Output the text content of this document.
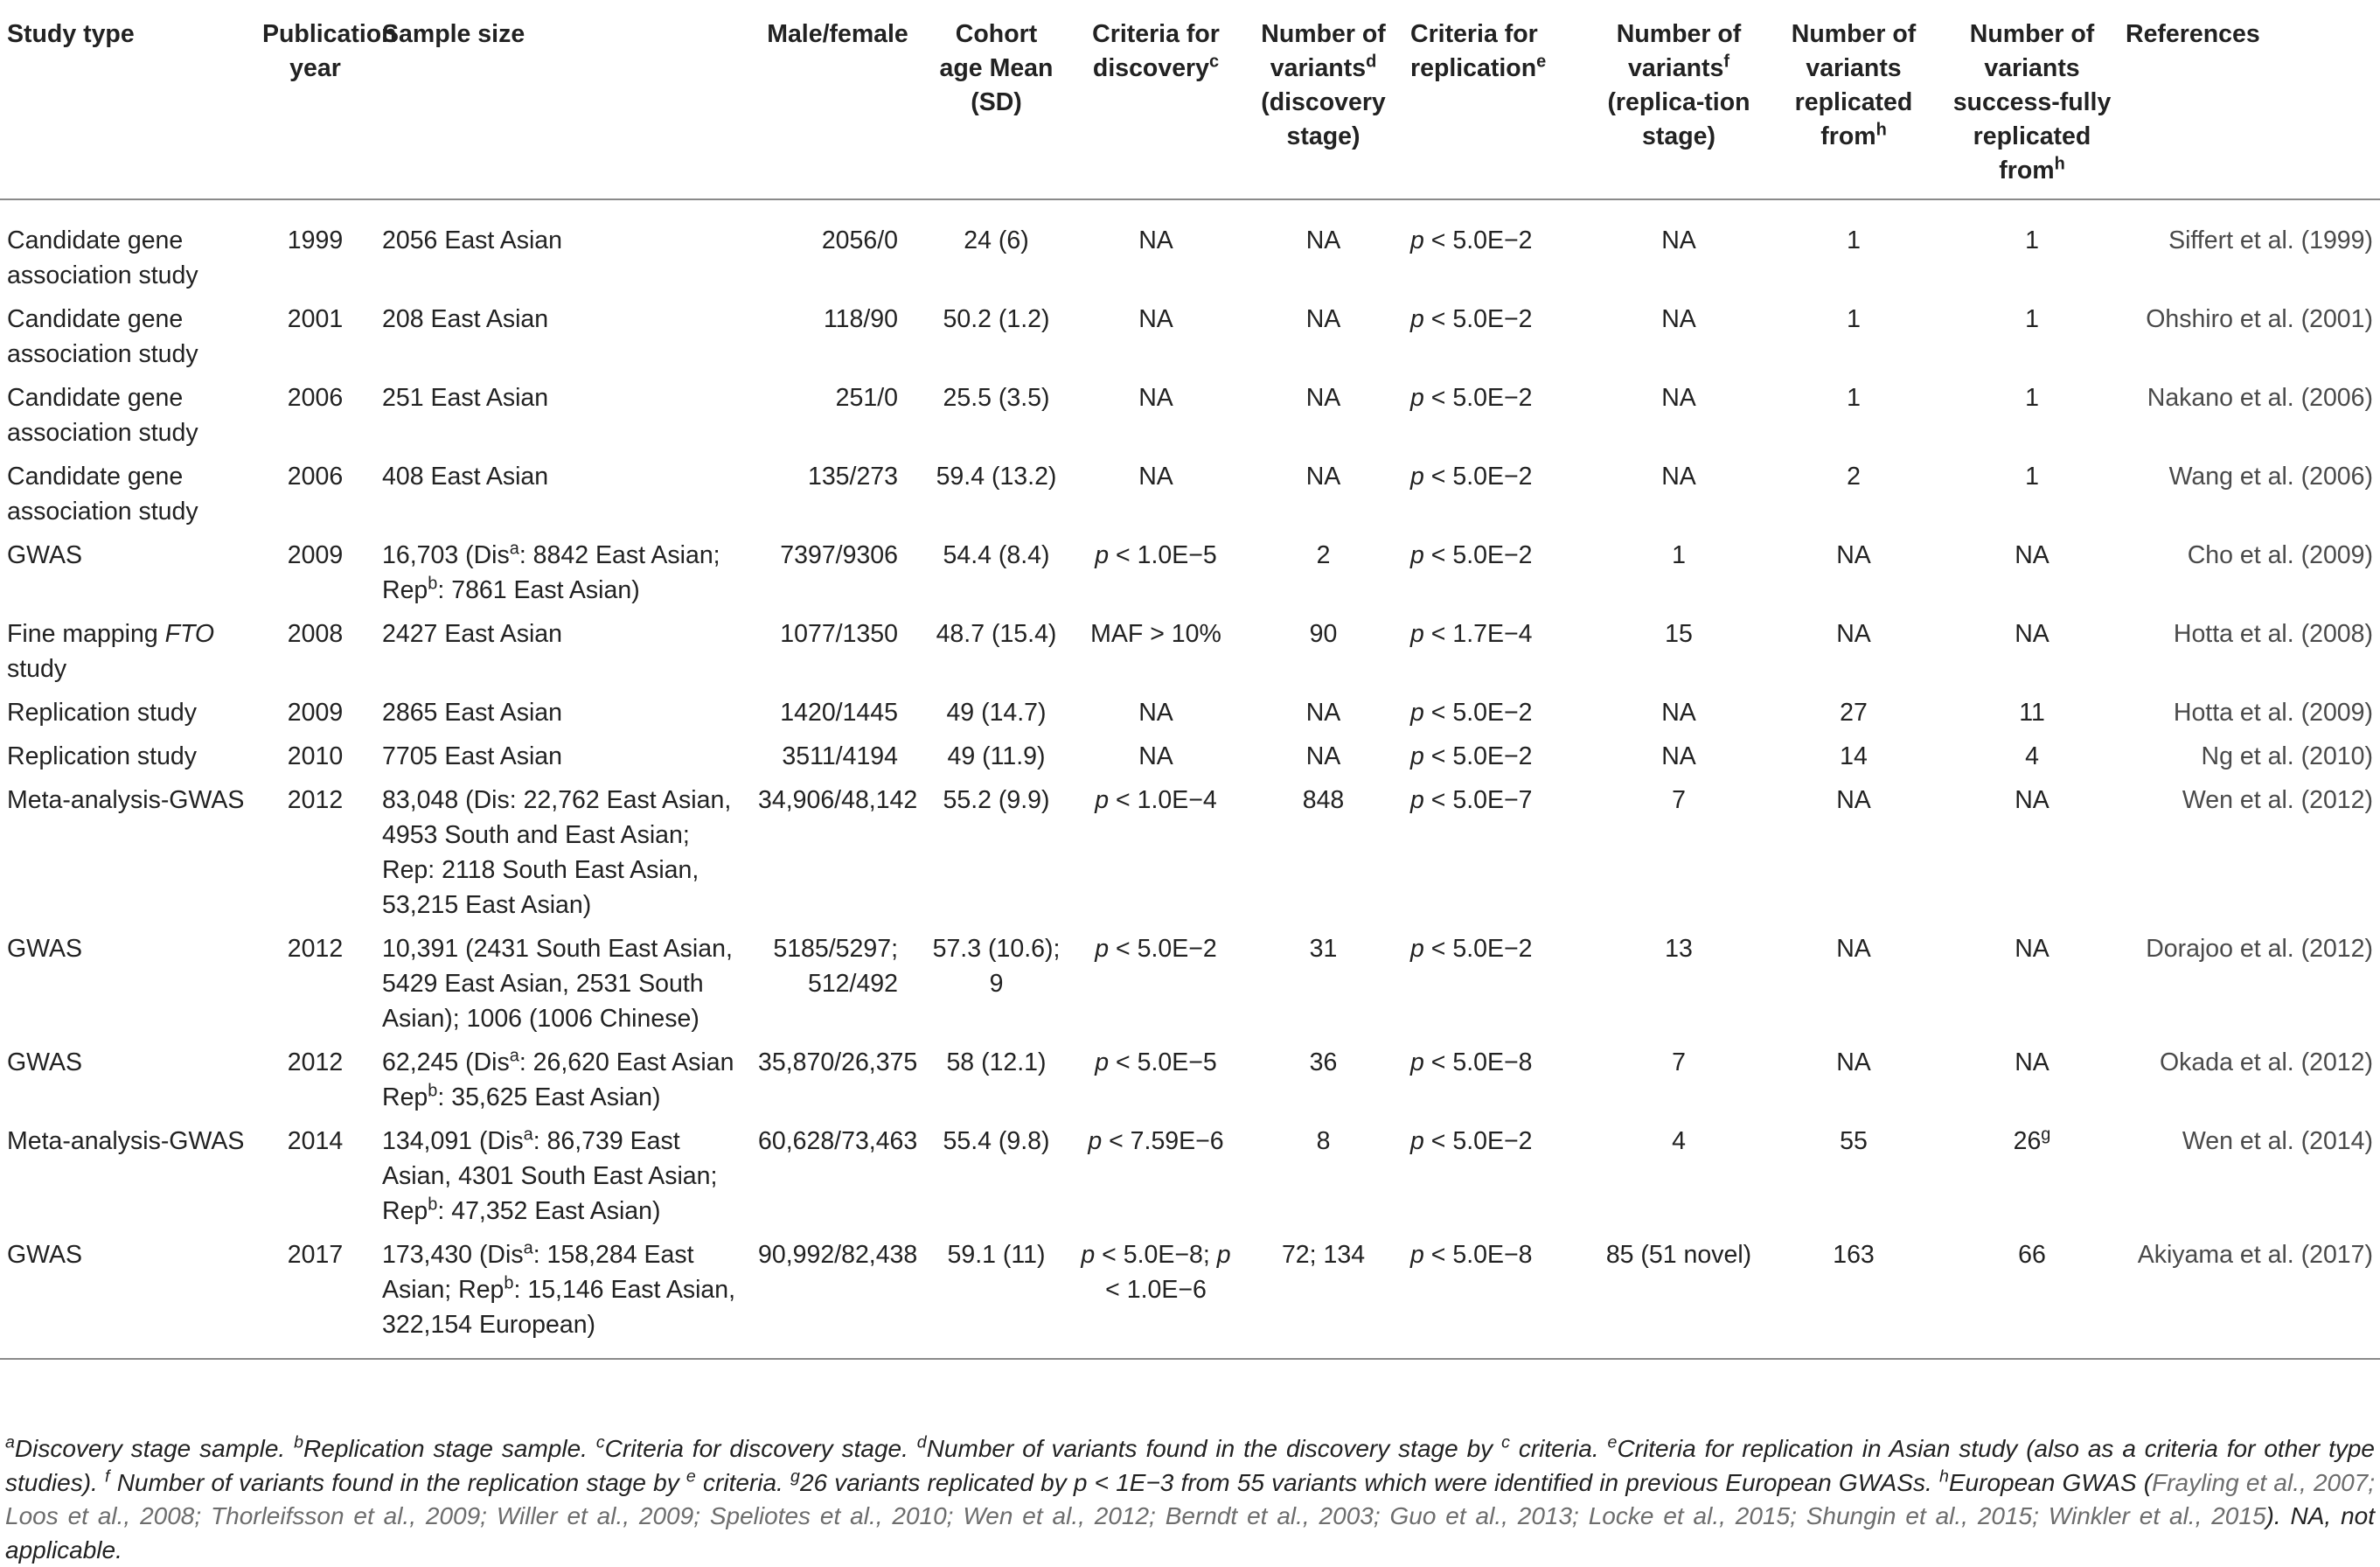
Study type	Publication year	Sample size	Male/female	Cohort age Mean (SD)	Criteria for discovery$^c$	Number of variants$^d$ (discovery stage)	Criteria for replication$^e$	Number of variants$^f$ (replica-tion stage)	Number of variants replicated from$^h$	Number of variants success-fully replicated from$^h$	References
Candidate gene association study	1999	2056 East Asian	2056/0	24 (6)	NA	NA	p < 5.0E−2	NA	1	1	Siffert et al. (1999)
Candidate gene association study	2001	208 East Asian	118/90	50.2 (1.2)	NA	NA	p < 5.0E−2	NA	1	1	Ohshiro et al. (2001)
Candidate gene association study	2006	251 East Asian	251/0	25.5 (3.5)	NA	NA	p < 5.0E−2	NA	1	1	Nakano et al. (2006)
Candidate gene association study	2006	408 East Asian	135/273	59.4 (13.2)	NA	NA	p < 5.0E−2	NA	2	1	Wang et al. (2006)
GWAS	2009	16,703 (Dis$^a$: 8842 East Asian; Rep$^b$: 7861 East Asian)	7397/9306	54.4 (8.4)	p < 1.0E−5	2	p < 5.0E−2	1	NA	NA	Cho et al. (2009)
Fine mapping FTO study	2008	2427 East Asian	1077/1350	48.7 (15.4)	MAF > 10%	90	p < 1.7E−4	15	NA	NA	Hotta et al. (2008)
Replication study	2009	2865 East Asian	1420/1445	49 (14.7)	NA	NA	p < 5.0E−2	NA	27	11	Hotta et al. (2009)
Replication study	2010	7705 East Asian	3511/4194	49 (11.9)	NA	NA	p < 5.0E−2	NA	14	4	Ng et al. (2010)
Meta-analysis-GWAS	2012	83,048 (Dis: 22,762 East Asian, 4953 South and East Asian; Rep: 2118 South East Asian, 53,215 East Asian)	34,906/48,142	55.2 (9.9)	p < 1.0E−4	848	p < 5.0E−7	7	NA	NA	Wen et al. (2012)
GWAS	2012	10,391 (2431 South East Asian, 5429 East Asian, 2531 South Asian); 1006 (1006 Chinese)	5185/5297; 512/492	57.3 (10.6); 9	p < 5.0E−2	31	p < 5.0E−2	13	NA	NA	Dorajoo et al. (2012)
GWAS	2012	62,245 (Dis$^a$: 26,620 East Asian Rep$^b$: 35,625 East Asian)	35,870/26,375	58 (12.1)	p < 5.0E−5	36	p < 5.0E−8	7	NA	NA	Okada et al. (2012)
Meta-analysis-GWAS	2014	134,091 (Dis$^a$: 86,739 East Asian, 4301 South East Asian; Rep$^b$: 47,352 East Asian)	60,628/73,463	55.4 (9.8)	p < 7.59E−6	8	p < 5.0E−2	4	55	26$^g$	Wen et al. (2014)
GWAS	2017	173,430 (Dis$^a$: 158,284 East Asian; Rep$^b$: 15,146 East Asian, 322,154 European)	90,992/82,438	59.1 (11)	p < 5.0E−8; p < 1.0E−6	72; 134	p < 5.0E−8	85 (51 novel)	163	66	Akiyama et al. (2017)
$^a$Discovery stage sample. $^b$Replication stage sample. $^c$Criteria for discovery stage. $^d$Number of variants found in the discovery stage by $^c$ criteria. $^e$Criteria for replication in Asian study (also as a criteria for other type studies). $^f$ Number of variants found in the replication stage by $^e$ criteria. $^g$26 variants replicated by p < 1E−3 from 55 variants which were identified in previous European GWASs. $^h$European GWAS (Frayling et al., 2007; Loos et al., 2008; Thorleifsson et al., 2009; Willer et al., 2009; Speliotes et al., 2010; Wen et al., 2012; Berndt et al., 2003; Guo et al., 2013; Locke et al., 2015; Shungin et al., 2015; Winkler et al., 2015). NA, not applicable.
